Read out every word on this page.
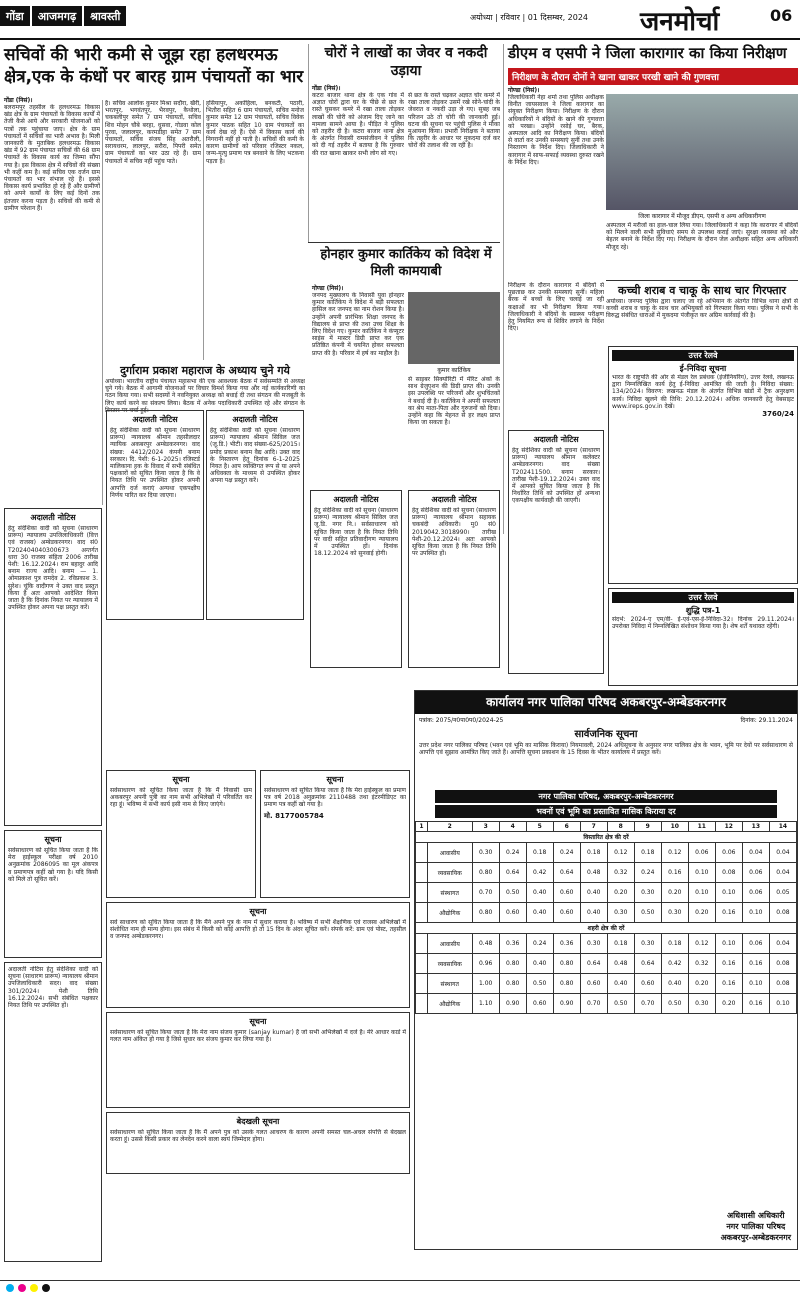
गोंडा	आजमगढ़	श्रावस्ती	अयोध्या | रविवार | 01 दिसम्बर, 2024 जनमोर्चा	06
सचिवों की भारी कमी से जूझ रहा हलधरमऊ क्षेत्र,एक के कंधों पर बारह ग्राम पंचायतों का भार
गोंडा (निसं)।
बलरामपुर तहसील के हलधरमऊ विकास खंड क्षेत्र के ग्राम पंचायतों के विकास कार्यों में तेजी कैसे आये और सरकारी योजनाओं को पात्रों तक पहुंचाया जाए। क्षेत्र के ग्राम पंचायतों में सचिवों का भारी अभाव है। मिली जानकारी के मुताबिक हलधरमऊ विकास खंड में 92 ग्राम पंचायत सचिवों की 68 ग्राम पंचायतें के विकास कार्य का जिम्मा सौंपा गया है। इस विकास क्षेत्र में सचिवों की संख्या भी कहीं कम है। कई सचिव एक दर्जन ग्राम पंचायतों का भार संभाल रहे हैं। इससे विकास कार्य प्रभावित हो रहे हैं और ग्रामीणों को अपने कार्यों के लिए कई दिनों तक इंतजार करना पड़ता है। सचिवों की कमी से ग्रामीण परेशान हैं।
है। सचिव आलोक कुमार मिश्रा सदौरा, खैरी, भरतपुर, भगवंतपुर, भैरवपुर, कैथोला, चकबलीपुर समेत 7 ग्राम पंचायतों, सचिव शिव मोहन चौबे बरहा, धुसवा, गोडवा कोल पुरवा, जलालपुर, करमडीहा समेत 7 ग्राम पंचायतों, सचिव संजय सिंह अतरौली, सरायधरम, लालपुर, सरौरा, पिपरी समेत ग्राम पंचायतों का भार उठा रहे हैं। ग्राम पंचायतों में सचिव नहीं पहुंच पाते।
हसियापुर, अकोहिला, बनकटी, पठारी, भितौरा सहित 6 ग्राम पंचायतों, सचिव मनोज कुमार समेत 12 ग्राम पंचायतों, सचिव विवेक कुमार पाठक सहित 10 ग्राम पंचायतों का कार्य देख रहे हैं। ऐसे में विकास कार्य की निगरानी नहीं हो पाती है। सचिवों की कमी के कारण ग्रामीणों को परिवार रजिस्टर नकल, जन्म-मृत्यु प्रमाण पत्र बनवाने के लिए भटकना पड़ता है।
दुर्गाराम प्रकाश महाराज के अध्याय चुने गये
अयोध्या। भारतीय राष्ट्रीय पंचायत महासभा की एक आवश्यक बैठक में सर्वसम्मति से अध्यक्ष चुने गये। बैठक में आगामी योजनाओं पर विचार विमर्श किया गया और नई कार्यकारिणी का गठन किया गया। सभी सदस्यों ने नवनियुक्त अध्यक्ष को बधाई दी तथा संगठन की मजबूती के लिए कार्य करने का संकल्प लिया। बैठक में अनेक पदाधिकारी उपस्थित रहे और संगठन के विस्तार पर चर्चा हुई।
चोरों ने लाखों का जेवर व नकदी उड़ाया
गोंडा (निसं)।
कटरा बाजार थाना क्षेत्र के एक गांव में अज्ञात चोरों द्वारा घर के पीछे से छत के रास्ते घुसकर कमरे में रखा ताला तोड़कर लाखों की चोरी को अंजाम दिए जाने का मामला सामने आया है। पीड़ित ने पुलिस को तहरीर दी है। कटरा बाजार थाना क्षेत्र के अंतर्गत निवासी रामसंजीवन ने पुलिस को दी गई तहरीर में बताया है कि गुरुवार की रात खाना खाकर सभी लोग सो गए।
से छत के रास्ते चढ़कर अज्ञात चोर कमरे में रखा ताला तोड़कर उसमें रखे सोने-चांदी के जेवरात व नकदी उड़ा ले गए। सुबह जब परिजन उठे तो चोरी की जानकारी हुई। घटना की सूचना पर पहुंची पुलिस ने मौका मुआयना किया। प्रभारी निरीक्षक ने बताया कि तहरीर के आधार पर मुकदमा दर्ज कर चोरों की तलाश की जा रही है।
होनहार कुमार कार्तिकेय को विदेश में मिली कामयाबी
गोण्डा (निसं)।
जनपद मुख्यालय के निवासी युवा होनहार कुमार कार्तिकेय ने विदेश में बड़ी सफलता हासिल कर जनपद का नाम रोशन किया है। उन्होंने अपनी प्रारंभिक शिक्षा जनपद के विद्यालय से प्राप्त की तथा उच्च शिक्षा के लिए विदेश गए। कुमार कार्तिकेय ने कंप्यूटर साइंस में मास्टर डिग्री प्राप्त कर एक प्रतिष्ठित कंपनी में चयनित होकर सफलता प्राप्त की है। परिवार में हर्ष का माहौल है।
कुमार कार्तिकेय
से साइबर सिक्योरिटी में मेरिट अंकों के साथ ग्रेजुएशन की डिग्री प्राप्त की। उनकी इस उपलब्धि पर परिजनों और शुभचिंतकों ने बधाई दी है। कार्तिकेय ने अपनी सफलता का श्रेय माता-पिता और गुरुजनों को दिया। उन्होंने कहा कि मेहनत से हर लक्ष्य प्राप्त किया जा सकता है।
डीएम व एसपी ने जिला कारागार का किया निरीक्षण
निरीक्षण के दौरान दोनों ने खाना खाकर परखी खाने की गुणवत्ता
गोण्डा (निसं)।
जिलाधिकारी नेहा शर्मा तथा पुलिस अधीक्षक विनीत जायसवाल ने जिला कारागार का संयुक्त निरीक्षण किया। निरीक्षण के दौरान अधिकारियों ने बंदियों के खाने की गुणवत्ता को परखा। उन्होंने रसोई घर, बैरक, अस्पताल आदि का निरीक्षण किया। बंदियों से वार्ता कर उनकी समस्याएं सुनीं तथा उनके निस्तारण के निर्देश दिए। जिलाधिकारी ने कारागार में साफ-सफाई व्यवस्था दुरुस्त रखने के निर्देश दिए।
जिला कारागार में मौजूद डीएम, एसपी व अन्य अधिकारीगण
अस्पताल में मरीजों का हाल-चाल लिया गया। जिलाधिकारी ने कहा कि कारागार में बंदियों को मिलने वाली सभी सुविधाएं समय से उपलब्ध कराई जाएं। सुरक्षा व्यवस्था को और बेहतर बनाने के निर्देश दिए गए। निरीक्षण के दौरान जेल अधीक्षक सहित अन्य अधिकारी मौजूद रहे।
कच्ची शराब व चाकू के साथ चार गिरफ्तार
अयोध्या। जनपद पुलिस द्वारा चलाए जा रहे अभियान के अंतर्गत विभिन्न थाना क्षेत्रों से कच्ची शराब व चाकू के साथ चार अभियुक्तों को गिरफ्तार किया गया। पुलिस ने सभी के विरुद्ध संबंधित धाराओं में मुकदमा पंजीकृत कर अग्रिम कार्रवाई की है।
निरीक्षण के दौरान कारागार में बंदियों से पूछताछ कर उनकी समस्याएं सुनीं। महिला बैरक में बच्चों के लिए चलाई जा रही कक्षाओं का भी निरीक्षण किया गया। जिलाधिकारी ने बंदियों के स्वास्थ्य परीक्षण हेतु नियमित रूप से शिविर लगाने के निर्देश दिए।
अदालती नोटिस
हेतु संदेशिका वादी को सूचना (साधारण प्रारूप) न्यायालय उपजिलाधिकारी (वित्त एवं राजस्व) अम्बेडकरनगर। वाद सं0 T202404040300673 अन्तर्गत धारा 30 राजस्व संहिता 2006 तारीख पेशी: 16.12.2024। राम बहादुर आदि बनाम राज्य आदि। बनाम — 1. ओमप्रकाश पुत्र रामदेव 2. रविप्रकाश 3. सुरेश। चूंकि वादीगण ने उक्त वाद प्रस्तुत किया है अतः आपको आदेशित किया जाता है कि दिनांक नियत पर न्यायालय में उपस्थित होकर अपना पक्ष प्रस्तुत करें।
अदालती नोटिस
हेतु संदेशिका वादी को सूचना (साधारण प्रारूप) न्यायालय श्रीमान तहसीलदार न्यायिक अकबरपुर अम्बेडकरनगर। वाद संख्या: 4412/2024 कंपनी बनाम सरकार। दि. पेशी: 6-1-2025। रजिस्टर्ड मालिकाना हक के विवाद में सभी संबंधित पक्षकारों को सूचित किया जाता है कि वे नियत तिथि पर उपस्थित होकर अपनी आपत्ति दर्ज कराएं अन्यथा एकपक्षीय निर्णय पारित कर दिया जाएगा।
अदालती नोटिस
हेतु संदेशिका वादी को सूचना (साधारण प्रारूप) न्यायालय श्रीमान सिविल जज (जू.डि.) भीटी। वाद संख्या-625/2015। प्रमोद प्रकाश बनाम वैद्य आदि। उक्त वाद के निस्तारण हेतु दिनांक 6-1-2025 नियत है। आप व्यक्तिगत रूप से या अपने अधिवक्ता के माध्यम से उपस्थित होकर अपना पक्ष प्रस्तुत करें।
अदालती नोटिस
हेतु संदेशिका वादी को सूचना (साधारण प्रारूप) न्यायालय श्रीमान सिविल जज जू.डि. नगर नि.। सर्वसाधारण को सूचित किया जाता है कि नियत तिथि पर वादी सहित प्रतिवादीगण न्यायालय में उपस्थित हों। दिनांक 18.12.2024 को सुनवाई होगी।
अदालती नोटिस
हेतु संदेशिका वादी को सूचना (साधारण प्रारूप) न्यायालय श्रीमान सहायक चकबंदी अधिकारी। मु0 सं0 2019042.3018990। तारीख पेशी-20.12.2024। अतः आपको सूचित किया जाता है कि नियत तिथि पर उपस्थित हों।
अदालती नोटिस
हेतु संदेशिका वादी को सूचना (साधारण प्रारूप) न्यायालय श्रीमान कलेक्टर अम्बेडकरनगर। वाद संख्या T202411500. बनाम सरकार। तारीख पेशी-19.12.2024। उक्त वाद में आपको सूचित किया जाता है कि निर्धारित तिथि को उपस्थित हों अन्यथा एकपक्षीय कार्यवाही की जाएगी।
उत्तर रेलवे
ई-निविदा सूचना
भारत के राष्ट्रपति की ओर से मंडल रेल प्रबंधक (इंजीनियरिंग), उत्तर रेलवे, लखनऊ द्वारा निम्नलिखित कार्य हेतु ई-निविदा आमंत्रित की जाती है। निविदा संख्या: 134/2024। विवरण: लखनऊ मंडल के अंतर्गत विभिन्न खंडों में ट्रैक अनुरक्षण कार्य। निविदा खुलने की तिथि: 20.12.2024। अधिक जानकारी हेतु वेबसाइट www.ireps.gov.in देखें।
3760/24
उत्तर रेलवे
शुद्धि पत्र-1
संदर्भ: 2024-ए एम/वी- ई-एवं-एस-ई-निविदा-32। दिनांक 29.11.2024। उपरोक्त निविदा में निम्नलिखित संशोधन किया गया है। शेष शर्तें यथावत रहेंगी।
सूचना
सर्वसाधारण को सूचित किया जाता है कि मेरा हाईस्कूल परीक्षा वर्ष 2010 अनुक्रमांक 2086095 का मूल अंकपत्र व प्रमाणपत्र कहीं खो गया है। यदि किसी को मिले तो सूचित करें।
सूचना
सर्वसाधारण को सूचित किया जाता है कि मैं निवासी ग्राम अकबरपुर अपनी पुत्री का नाम सभी अभिलेखों में परिवर्तित कर रहा हूं। भविष्य में सभी कार्य इसी नाम से किए जाएंगे।
सूचना
सर्वसाधारण को सूचित किया जाता है कि मेरा हाईस्कूल का प्रमाण पत्र वर्ष 2018 अनुक्रमांक 2110488 तथा इंटरमीडिएट का प्रमाण पत्र कहीं खो गया है।
मो. 8177005784
सूचना
सर्व साधारण को सूचित किया जाता है कि मैंने अपने पुत्र के नाम में सुधार कराया है। भविष्य में सभी शैक्षणिक एवं राजस्व अभिलेखों में संशोधित नाम ही मान्य होगा। इस संबंध में किसी को कोई आपत्ति हो तो 15 दिन के अंदर सूचित करें। संपर्क करें: ग्राम एवं पोस्ट, तहसील व जनपद अम्बेडकरनगर।
सूचना
सर्वसाधारण को सूचित किया जाता है कि मेरा नाम संजय कुमार (sanjay kumar) है जो सभी अभिलेखों में दर्ज है। मेरे आधार कार्ड में गलत नाम अंकित हो गया है जिसे सुधार कर संजय कुमार कर लिया गया है।
बेदखली सूचना
सर्वसाधारण को सूचित किया जाता है कि मैं अपने पुत्र को उसके गलत आचरण के कारण अपनी समस्त चल-अचल संपत्ति से बेदखल करता हूं। उससे किसी प्रकार का लेनदेन करने वाला स्वयं जिम्मेदार होगा।
अदालती नोटिस हेतु संदेशिका वादी को सूचना (साधारण प्रारूप) न्यायालय श्रीमान उपजिलाधिकारी सदर। वाद संख्या 301/2024। पेशी तिथि 16.12.2024। सभी संबंधित पक्षकार नियत तिथि पर उपस्थित हों।
कार्यालय नगर पालिका परिषद अकबरपुर-अम्बेडकरनगर
पत्रांक: 2075/न0पा0प0/2024-25	दिनांक: 29.11.2024
सार्वजनिक सूचना
उत्तर प्रदेश नगर पालिका परिषद (भवन एवं भूमि का मासिक किराया) नियमावली, 2024 अधिसूचना के अनुसार नगर पालिका क्षेत्र के भवन, भूमि पर देयों पर सर्वसाधारण से आपत्ति एवं सुझाव आमंत्रित किए जाते हैं। आपत्ति सूचना प्रकाशन के 15 दिवस के भीतर कार्यालय में प्रस्तुत करें।
नगर पालिका परिषद, अकबरपुर-अम्बेडकरनगर
भवनों एवं भूमि का प्रस्तावित मासिक किराया दर
1	2	3	4	5	6	7	8	9	10	11	12	13	14
विस्तारित क्षेत्र की दरें													
	आवासीय	0.30	0.24	0.18	0.24	0.18	0.12	0.18	0.12	0.06	0.06	0.04	0.04
	व्यवसायिक	0.80	0.64	0.42	0.64	0.48	0.32	0.24	0.16	0.10	0.08	0.06	0.04
	संस्थागत	0.70	0.50	0.40	0.60	0.40	0.20	0.30	0.20	0.10	0.10	0.06	0.05
	औद्योगिक	0.80	0.60	0.40	0.60	0.40	0.30	0.50	0.30	0.20	0.16	0.10	0.08
शहरी क्षेत्र की दरें													
	आवासीय	0.48	0.36	0.24	0.36	0.30	0.18	0.30	0.18	0.12	0.10	0.06	0.04
	व्यवसायिक	0.96	0.80	0.40	0.80	0.64	0.48	0.64	0.42	0.32	0.16	0.16	0.08
	संस्थागत	1.00	0.80	0.50	0.80	0.60	0.40	0.60	0.40	0.20	0.16	0.10	0.08
	औद्योगिक	1.10	0.90	0.60	0.90	0.70	0.50	0.70	0.50	0.30	0.20	0.16	0.10
अधिशासी अधिकारी
नगर पालिका परिषद
अकबरपुर-अम्बेडकरनगर
